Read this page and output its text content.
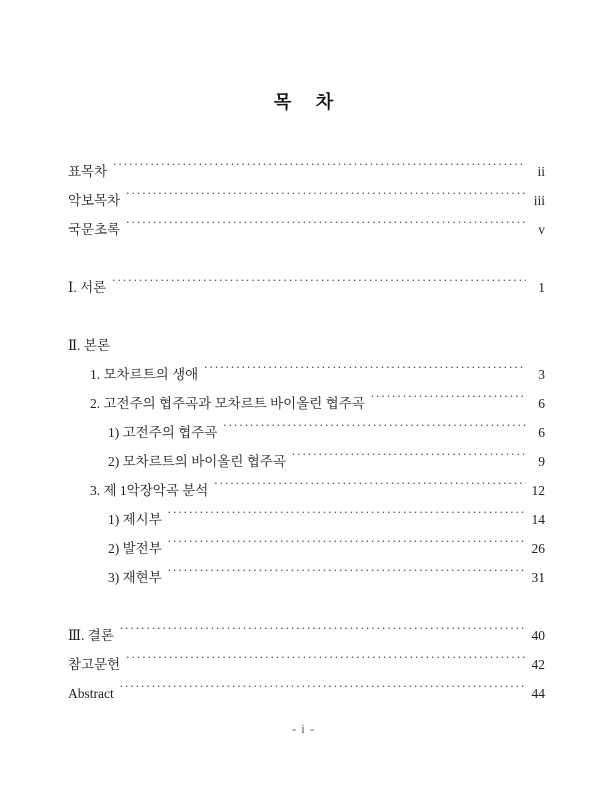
목 차
표목차 .....	ii
악보목차 .....	iii
국문초록 .....	v
Ⅰ. 서론 .....	1
Ⅱ. 본론
1. 모차르트의 생애 .....	3
2. 고전주의 협주곡과 모차르트 바이올린 협주곡 .....	6
1) 고전주의 협주곡 .....	6
2) 모차르트의 바이올린 협주곡 .....	9
3. 제 1악장악곡 분석 .....	12
1) 제시부 .....	14
2) 발전부 .....	26
3) 재현부 .....	31
Ⅲ. 결론 .....	40
참고문헌 .....	42
Abstract .....	44
- i -
